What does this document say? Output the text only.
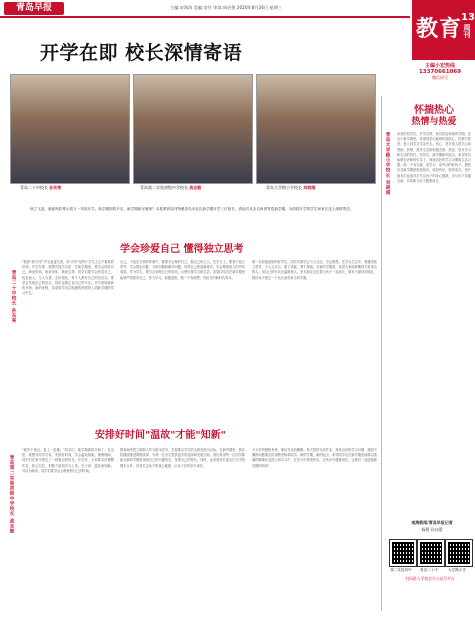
青岛早报	主编:宋海涛 美编:安丹 审读:周启悦 2020年8月26日 星期三
教育
13
周刊
主编小宏热线
13370661069
微信同号
开学在即 校长深情寄语
青岛二十中校长 孙东亮	青岛第二实验初级中学校长 战志毅	青岛大学路小学校长 刘晓娟
秋之飞尧，渐欲绚彩预示着又一年的开学。新学期即将开启，新学期新在哪里？本报教育周刊特邀青岛市北区新学期开学三位校长，请他们从各自角度寄语新学期，为即将开学的学生和家长送上深情寄语。
学会珍爱自己 懂得独立思考
青岛二十中校长 孙东亮
"根深"和"开学"并无直接关系，但"开学"是每个学生人生中重要的时刻。开学在即，我想对同学们说：在新学期里，要学会珍爱自己，珍爱时间，珍爱身体，珍爱生命。同学们要学会欣赏自己，包容他人，与人为善，友好相处。每个人都有自己的闪光点，要学会发现自己的优点，同时也要正视自己的不足。开学意味着新的开始，新的征程，希望同学们以饱满的热情投入到新学期的学习中去。
自己，不论在怎样的环境中，都要学会保护自己，做自己的主人。在学习上，要善于独立思考，学会提出问题、分析问题和解决问题，培养自己的创新意识。学会尊重他人的劳动成果。作为学生，要学会管理自己的时间，合理安排学习和生活。希望同学们在新学期里能够严格要求自己，努力学习，积极进取，做一个有理想、有担当的新时代青年。
做一名积极进取的好学生。同学们要学会与人交往，学会感恩。在学习生活中，要懂得独立思考，不人云亦云，敢于质疑，勇于探索。在新的学期里，希望大家能够懂得关爱身边的人，用自己的行动去温暖他人。家长朋友们也要与孩子一起成长，做孩子最好的朋友，陪伴孩子度过一个充实而有意义的学期。
安排好时间"温故"才能"知新"
青岛第二实验初级中学校长 战志毅
"欲穷千里目，更上一层楼。"同学们，新学期即将开始了。在这里，我想对同学们说，安排好时间，学会温故知新。暑假期间，同学们在家中度过了一段难忘的时光。开学后，大家要尽快调整作息，收心归位，把精力放到学习上来。孔子说：温故而知新，可以为师矣。同学们要学会合理规划自己的时间。
教育始终把立德树人作为根本任务，学校要以学生的全面发展为目标。在新学期里，我们将继续推进课程改革，为每一位学生提供更多的选择和发展空间。我们希望每一位同学都能在新的学期里找到自己的兴趣所在，发挥自己的特长。同时，也希望家长朋友们与学校携手合作，共同关注孩子的身心健康，让孩子在快乐中成长。
天天坚持锻炼身体，保证充足的睡眠。每天按时完成作业，养成良好的学习习惯。遇到不懂的问题要及时请教老师和同学。新的学期，新的起点，希望同学们在新学期里能够以饱满的精神状态投入到学习中，在学习中感受快乐，在快乐中健康成长。让我们一起迎接新学期的到来！
怀揣热心
热情与热爱
青岛大学路小学校长 刘晓娟 亲爱的同学们，开学在即，我们将迎来新的学期。在这个新学期里，希望同学们能够怀揣热心，热情与热爱，投入到学习生活中去。热心，是对他人的关心和帮助；热情，是对生活的积极态度；热爱，是对学习和生活的热忱。同学们，新学期新的起点，希望你们能够在老师的引导下，养成良好的学习习惯和生活习惯，做一个有礼貌、爱学习、爱劳动的好孩子。愿你们在新学期里收获知识，收获快乐，收获成长。家长朋友们也请多多关注孩子的身心健康，多与孩子沟通交流，共同助力孩子健康成长。
观海新闻/青岛早报记者
杨健 孙向蕾
第二实验初中	青岛二十中	大学路小学
扫码进入学校官方公众号平台
